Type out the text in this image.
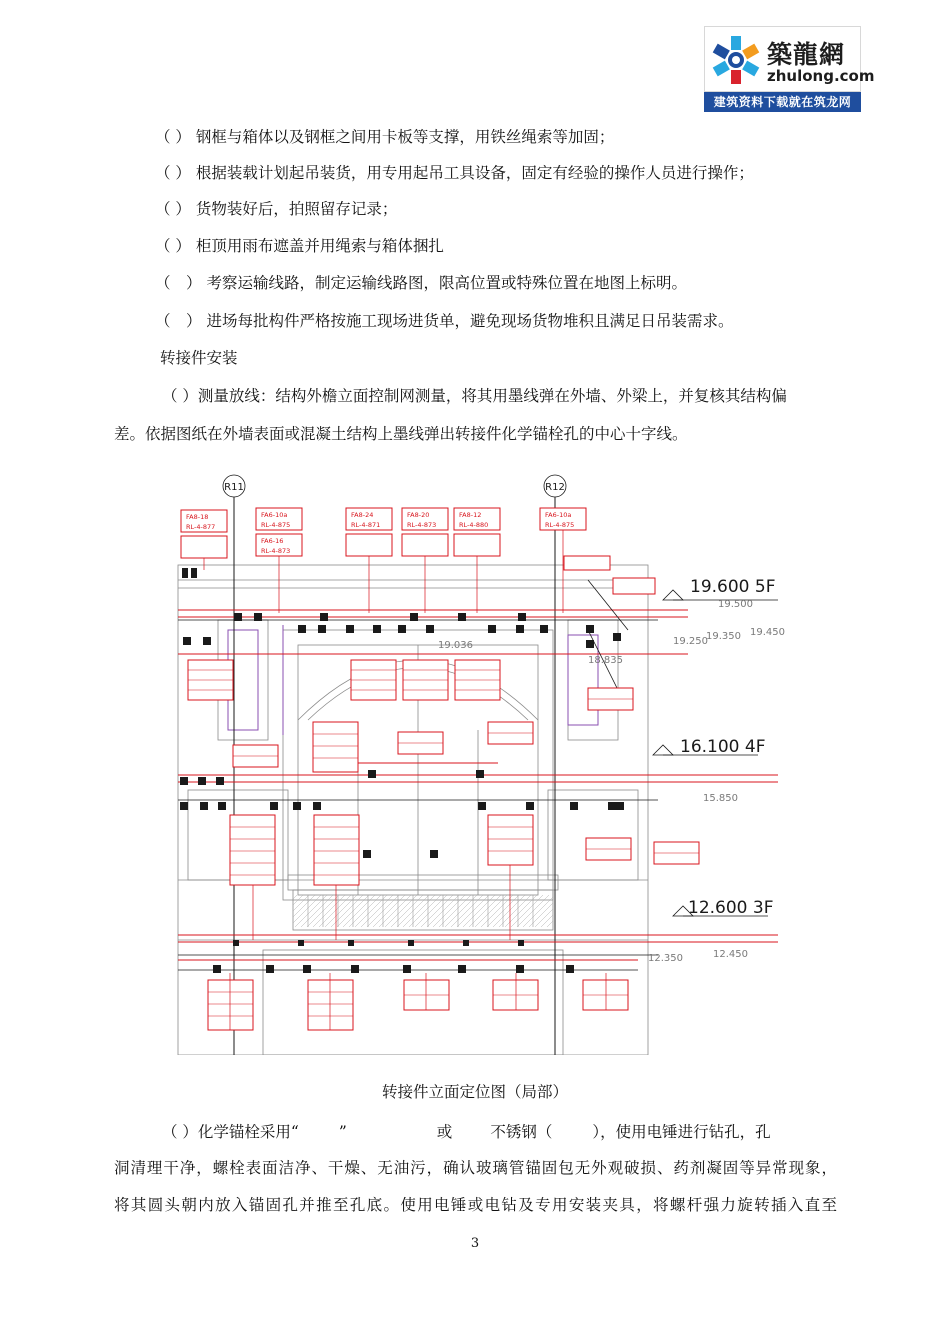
築龍網
zhulong.com
建筑资料下载就在筑龙网
（ ） 钢框与箱体以及钢框之间用卡板等支撑，用铁丝绳索等加固；
（ ） 根据装载计划起吊装货，用专用起吊工具设备，固定有经验的操作人员进行操作；
（ ） 货物装好后，拍照留存记录；
（ ） 柜顶用雨布遮盖并用绳索与箱体捆扎
（　） 考察运输线路，制定运输线路图，限高位置或特殊位置在地图上标明。
（　） 进场每批构件严格按施工现场进货单，避免现场货物堆积且满足日吊装需求。
转接件安装
（ ）测量放线：结构外檐立面控制网测量，将其用墨线弹在外墙、外梁上，并复核其结构偏
差。依据图纸在外墙表面或混凝土结构上墨线弹出转接件化学锚栓孔的中心十字线。
R11	R12
19.600 5F
16.100 4F
12.600 3F
19.500
19.250
19.350 19.450
15.850
12.350	12.450
19.036
18.835
FA8-18
RL-4-877
FA6-10a
RL-4-875
FA6-16
RL-4-873
FA8-24
RL-4-871
FA8-20
RL-4-873
FA8-12
RL-4-880
FA6-10a
RL-4-875
转接件立面定位图（局部）
（ ）化学锚栓采用“	”	或 不锈钢（	），使用电锤进行钻孔，孔
洞清理干净，螺栓表面洁净、干燥、无油污，确认玻璃管锚固包无外观破损、药剂凝固等异常现象，
将其圆头朝内放入锚固孔并推至孔底。使用电锤或电钻及专用安装夹具，将螺杆强力旋转插入直至
3
